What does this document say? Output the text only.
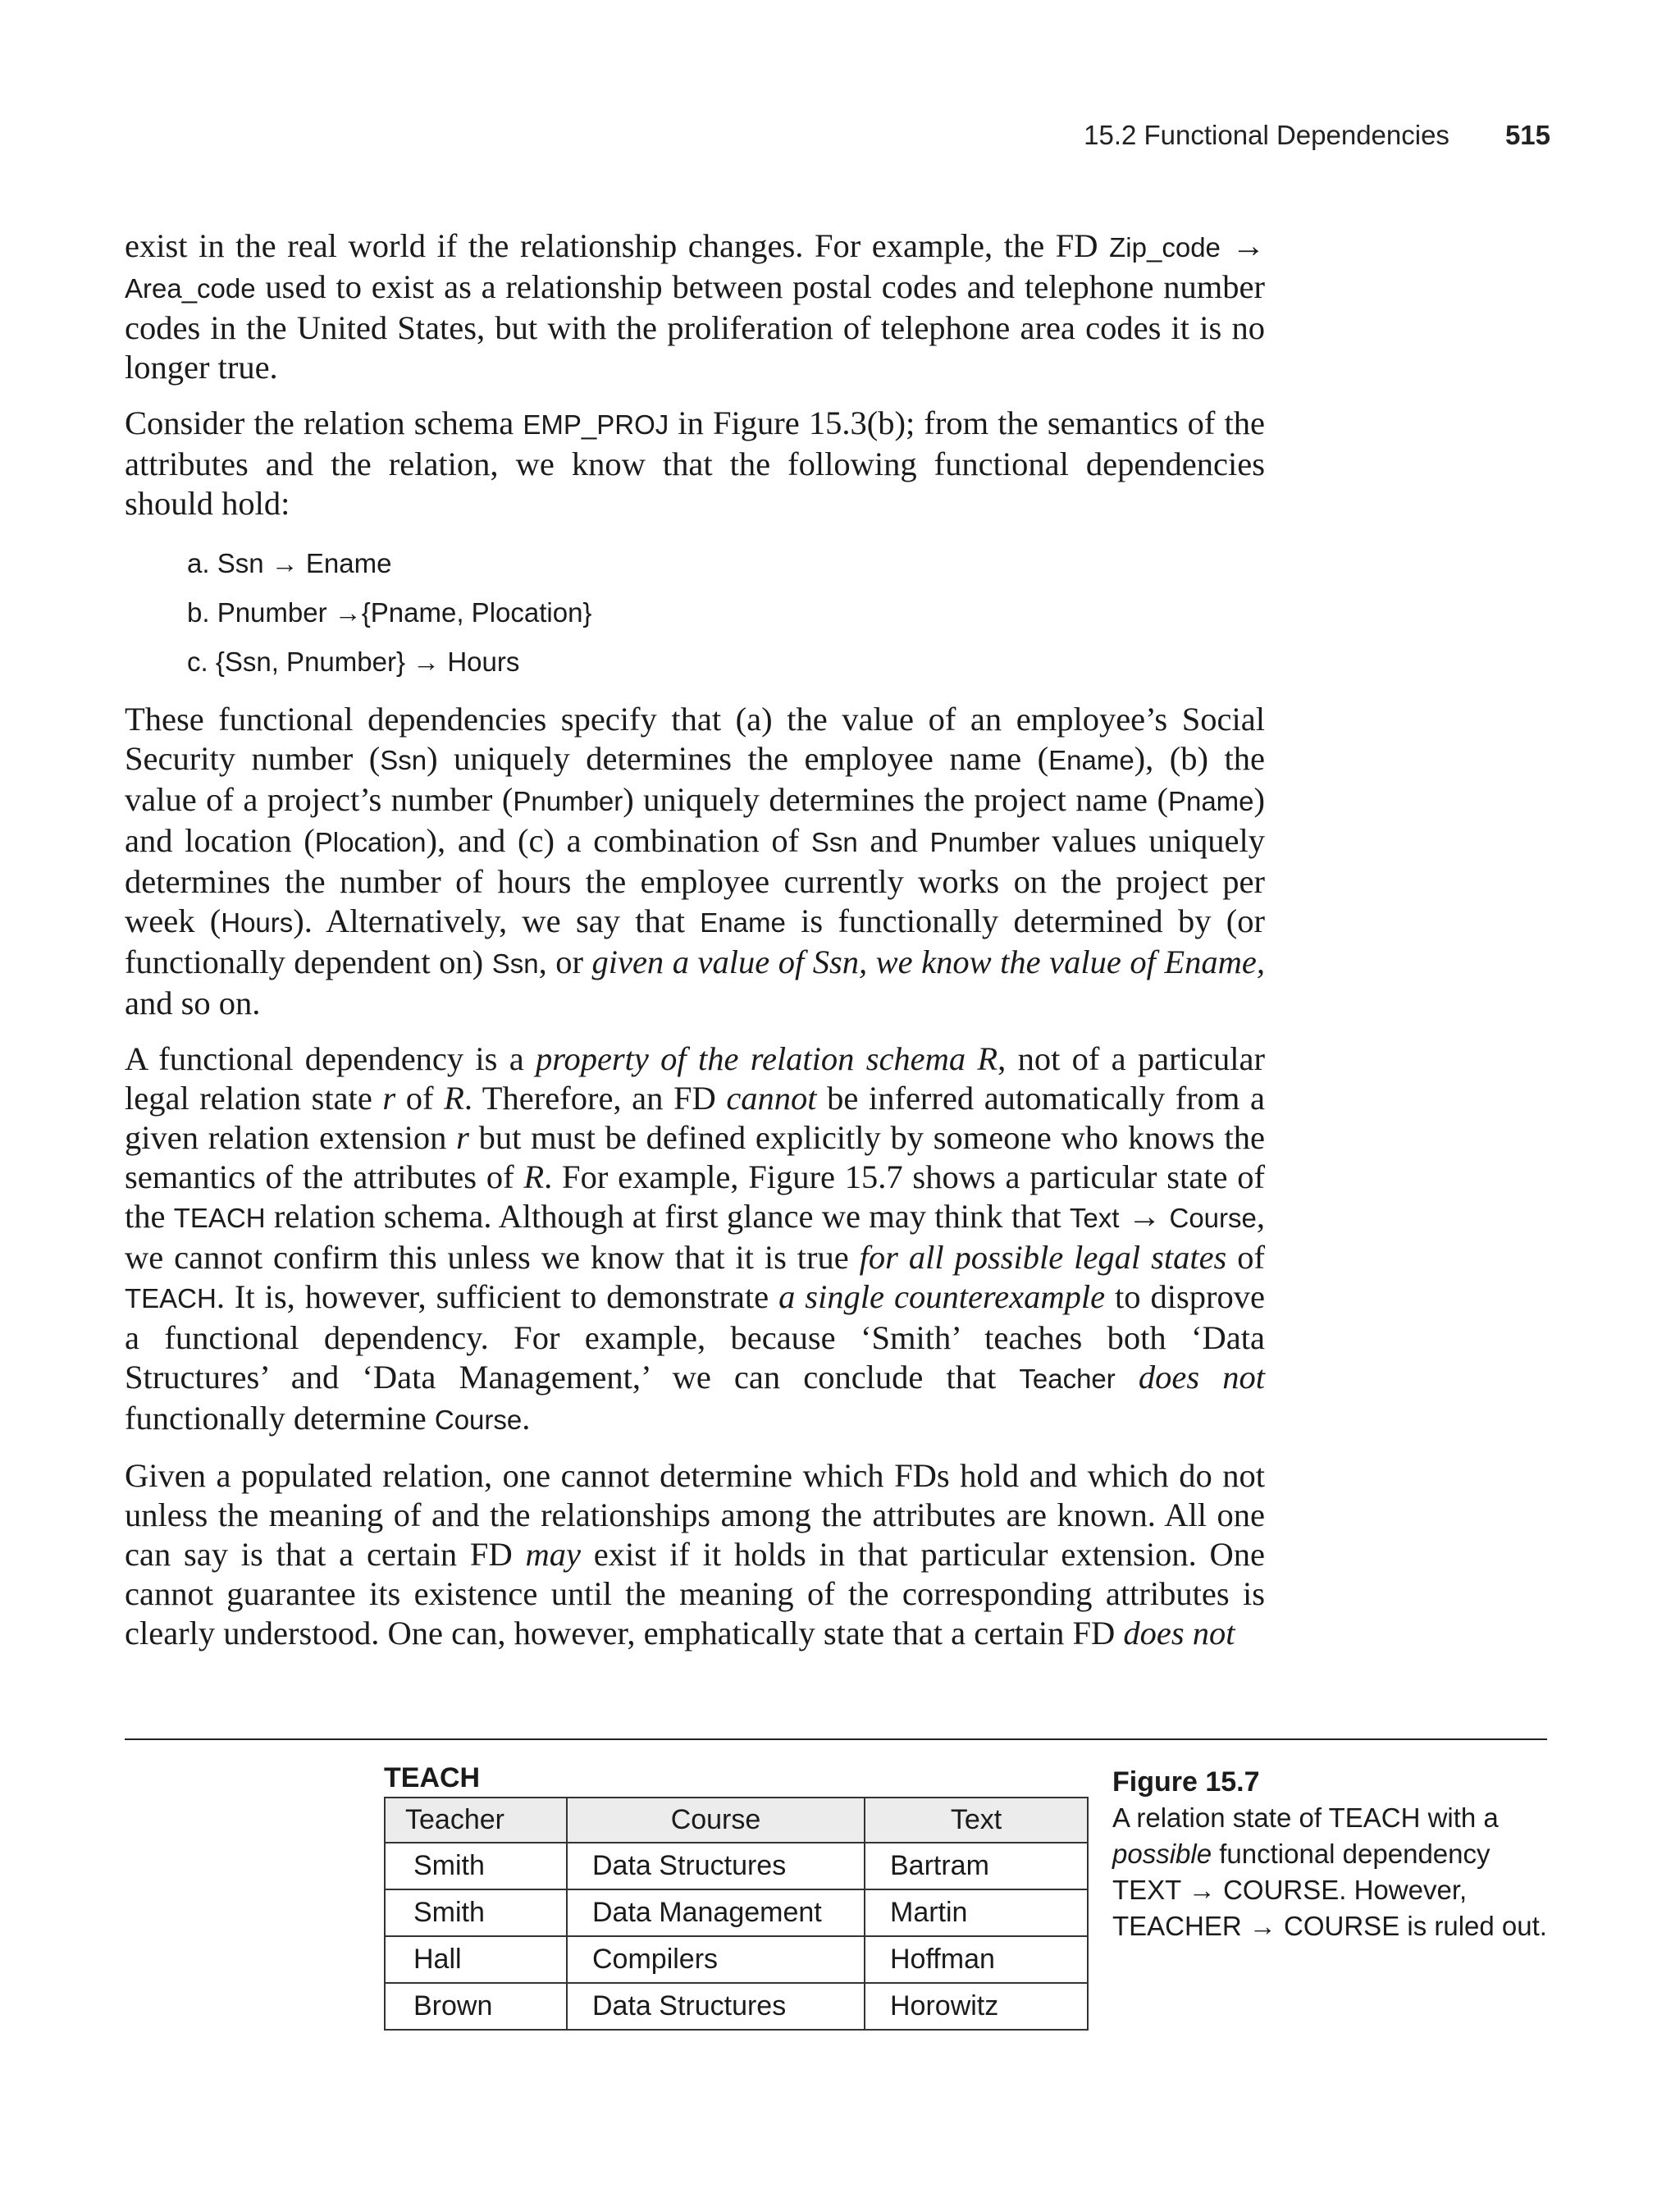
15.2 Functional Dependencies 515

exist in the real world if the relationship changes. For example, the FD Zip_code → Area_code used to exist as a relationship between postal codes and telephone number codes in the United States, but with the proliferation of telephone area codes it is no longer true.

Consider the relation schema EMP_PROJ in Figure 15.3(b); from the semantics of the attributes and the relation, we know that the following functional dependencies should hold:

a. Ssn → Ename
b. Pnumber →{Pname, Plocation}
c. {Ssn, Pnumber} → Hours

These functional dependencies specify that (a) the value of an employee’s Social Security number (Ssn) uniquely determines the employee name (Ename), (b) the value of a project’s number (Pnumber) uniquely determines the project name (Pname) and location (Plocation), and (c) a combination of Ssn and Pnumber values uniquely determines the number of hours the employee currently works on the project per week (Hours). Alternatively, we say that Ename is functionally determined by (or functionally dependent on) Ssn, or given a value of Ssn, we know the value of Ename, and so on.

A functional dependency is a property of the relation schema R, not of a particular legal relation state r of R. Therefore, an FD cannot be inferred automatically from a given relation extension r but must be defined explicitly by someone who knows the semantics of the attributes of R. For example, Figure 15.7 shows a particular state of the TEACH relation schema. Although at first glance we may think that Text → Course, we cannot confirm this unless we know that it is true for all possible legal states of TEACH. It is, however, sufficient to demonstrate a single counterexample to disprove a functional dependency. For example, because ‘Smith’ teaches both ‘Data Structures’ and ‘Data Management,’ we can conclude that Teacher does not functionally determine Course.

Given a populated relation, one cannot determine which FDs hold and which do not unless the meaning of and the relationships among the attributes are known. All one can say is that a certain FD may exist if it holds in that particular extension. One cannot guarantee its existence until the meaning of the corresponding attributes is clearly understood. One can, however, emphatically state that a certain FD does not

TEACH
Teacher	Course	Text
Smith	Data Structures	Bartram
Smith	Data Management	Martin
Hall	Compilers	Hoffman
Brown	Data Structures	Horowitz
Figure 15.7
A relation state of TEACH with a possible functional dependency TEXT → COURSE. However, TEACHER → COURSE is ruled out.
